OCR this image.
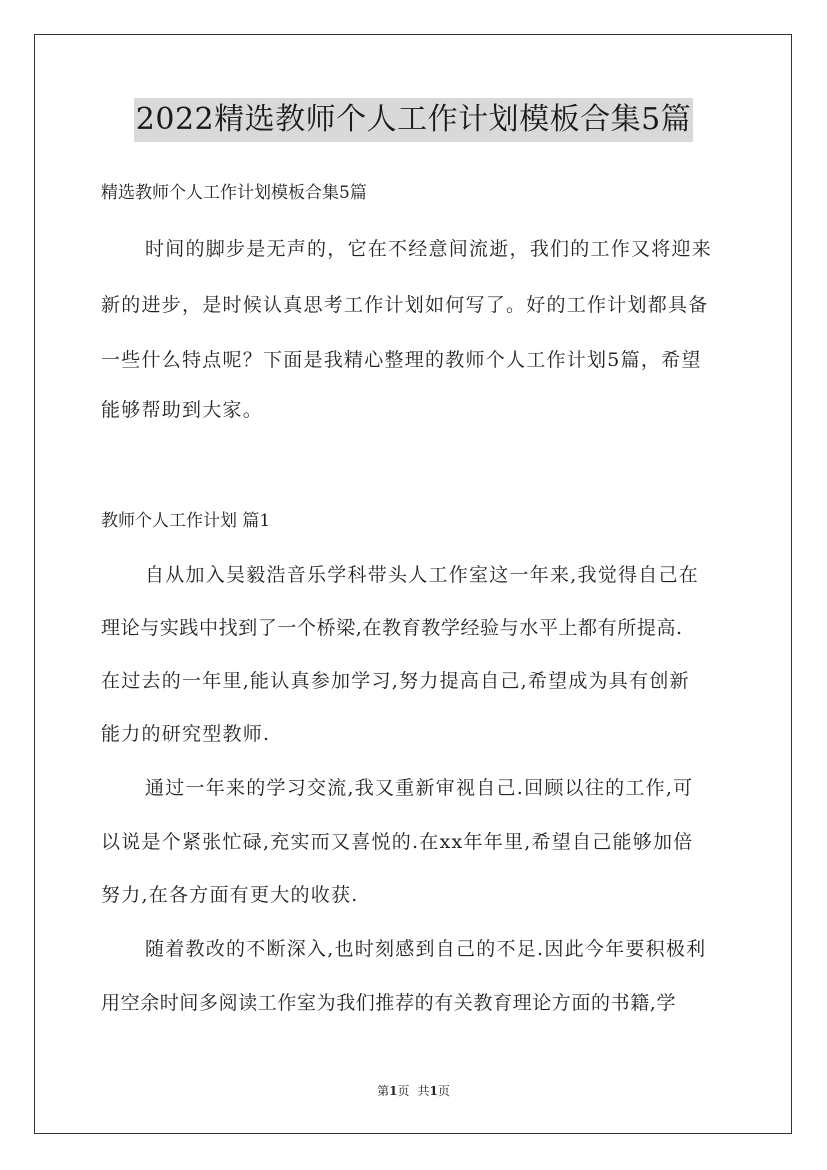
2022精选教师个人工作计划模板合集5篇
精选教师个人工作计划模板合集5篇
时间的脚步是无声的，它在不经意间流逝，我们的工作又将迎来
新的进步，是时候认真思考工作计划如何写了。好的工作计划都具备
一些什么特点呢？下面是我精心整理的教师个人工作计划5篇，希望
能够帮助到大家。
教师个人工作计划 篇1
自从加入吴毅浩音乐学科带头人工作室这一年来,我觉得自己在
理论与实践中找到了一个桥梁,在教育教学经验与水平上都有所提高.
在过去的一年里,能认真参加学习,努力提高自己,希望成为具有创新
能力的研究型教师.
通过一年来的学习交流,我又重新审视自己.回顾以往的工作,可
以说是个紧张忙碌,充实而又喜悦的.在xx年年里,希望自己能够加倍
努力,在各方面有更大的收获.
随着教改的不断深入,也时刻感到自己的不足.因此今年要积极利
用空余时间多阅读工作室为我们推荐的有关教育理论方面的书籍,学
第1页 共1页
